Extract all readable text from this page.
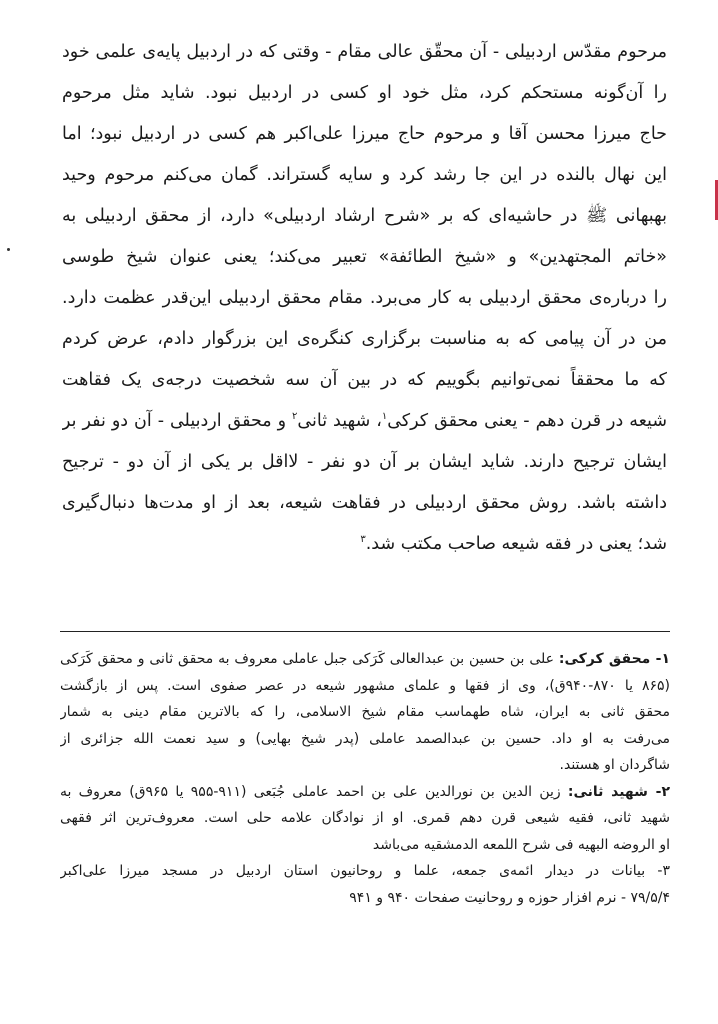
مرحوم مقدّس اردبیلی - آن محقّق عالی مقام - وقتی که در اردبیل پایه‌ی علمی خود
را آن‌گونه مستحکم کرد، مثل خود او کسی در اردبیل نبود. شاید مثل مرحوم
حاج میرزا محسن آقا و مرحوم حاج میرزا علی‌اکبر هم کسی در اردبیل نبود؛ اما
این نهال بالنده در این جا رشد کرد و سایه گستراند. گمان می‌کنم مرحوم وحید
بهبهانی ﷺ در حاشیه‌ای که بر «شرح ارشاد اردبیلی» دارد، از محقق اردبیلی به
«خاتم المجتهدین» و «شیخ الطائفة» تعبیر می‌کند؛ یعنی عنوان شیخ طوسی
را درباره‌ی محقق اردبیلی به کار می‌برد. مقام محقق اردبیلی این‌قدر عظمت دارد.
من در آن پیامی که به مناسبت برگزاری کنگره‌ی این بزرگوار دادم، عرض کردم
که ما محققاً نمی‌توانیم بگوییم که در بین آن سه شخصیت درجه‌ی یک فقاهت
شیعه در قرن دهم - یعنی محقق کرکی$^۱$، شهید ثانی$^۲$ و محقق اردبیلی - آن دو نفر بر
ایشان ترجیح دارند. شاید ایشان بر آن دو نفر - لااقل بر یکی از آن دو - ترجیح
داشته باشد. روش محقق اردبیلی در فقاهت شیعه، بعد از او مدت‌ها دنبال‌گیری
شد؛ یعنی در فقه شیعه صاحب مکتب شد.$^۳$
۱- محقق کرکی: علی بن حسین بن عبدالعالی کَرَکی جبل عاملی معروف به محقق ثانی و محقق کَرَکی
(۸۶۵ یا ۸۷۰-۹۴۰ق)، وی از فقها و علمای مشهور شیعه در عصر صفوی است. پس از بازگشت
محقق ثانی به ایران، شاه طهماسب مقام شیخ الاسلامی، را که بالاترین مقام دینی به شمار
می‌رفت به او داد. حسین بن عبدالصمد عاملی (پدر شیخ بهایی) و سید نعمت الله جزائری از
شاگردان او هستند.
۲- شهید ثانی: زین الدین بن نورالدین علی بن احمد عاملی جُبَعی (۹۱۱-۹۵۵ یا ۹۶۵ق) معروف به
شهید ثانی، فقیه شیعی قرن دهم قمری. او از نوادگان علامه حلی است. معروف‌ترین اثر فقهی
او الروضه البهیه فی شرح اللمعه الدمشقیه می‌باشد
۳- بیانات در دیدار ائمه‌ی جمعه، علما و روحانیون استان اردبیل در مسجد میرزا علی‌اکبر
۷۹/۵/۴ - نرم افزار حوزه و روحانیت صفحات ۹۴۰ و ۹۴۱
